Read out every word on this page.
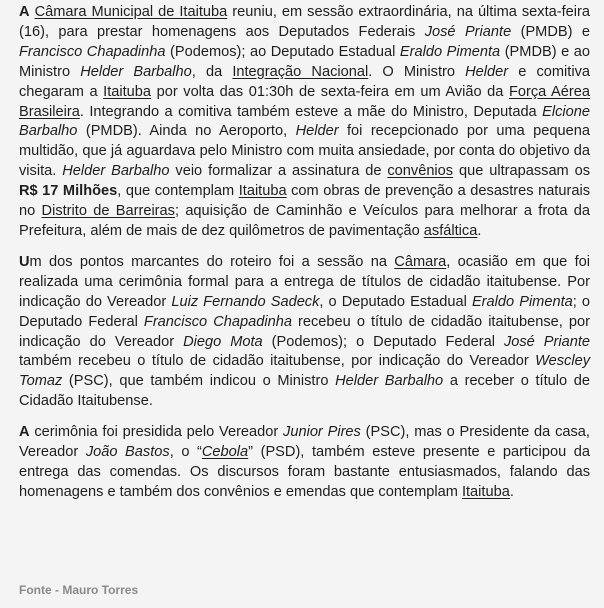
A Câmara Municipal de Itaituba reuniu, em sessão extraordinária, na última sexta-feira (16), para prestar homenagens aos Deputados Federais José Priante (PMDB) e Francisco Chapadinha (Podemos); ao Deputado Estadual Eraldo Pimenta (PMDB) e ao Ministro Helder Barbalho, da Integração Nacional. O Ministro Helder e comitiva chegaram a Itaituba por volta das 01:30h de sexta-feira em um Avião da Força Aérea Brasileira. Integrando a comitiva também esteve a mãe do Ministro, Deputada Elcione Barbalho (PMDB). Ainda no Aeroporto, Helder foi recepcionado por uma pequena multidão, que já aguardava pelo Ministro com muita ansiedade, por conta do objetivo da visita. Helder Barbalho veio formalizar a assinatura de convênios que ultrapassam os R$ 17 Milhões, que contemplam Itaituba com obras de prevenção a desastres naturais no Distrito de Barreiras; aquisição de Caminhão e Veículos para melhorar a frota da Prefeitura, além de mais de dez quilômetros de pavimentação asfáltica.

Um dos pontos marcantes do roteiro foi a sessão na Câmara, ocasião em que foi realizada uma cerimônia formal para a entrega de títulos de cidadão itaitubense. Por indicação do Vereador Luiz Fernando Sadeck, o Deputado Estadual Eraldo Pimenta; o Deputado Federal Francisco Chapadinha recebeu o título de cidadão itaitubense, por indicação do Vereador Diego Mota (Podemos); o Deputado Federal José Priante também recebeu o título de cidadão itaitubense, por indicação do Vereador Wescley Tomaz (PSC), que também indicou o Ministro Helder Barbalho a receber o título de Cidadão Itaitubense.

A cerimônia foi presidida pelo Vereador Junior Pires (PSC), mas o Presidente da casa, Vereador João Bastos, o “Cebola” (PSD), também esteve presente e participou da entrega das comendas. Os discursos foram bastante entusiasmados, falando das homenagens e também dos convênios e emendas que contemplam Itaituba.

Fonte - Mauro Torres
